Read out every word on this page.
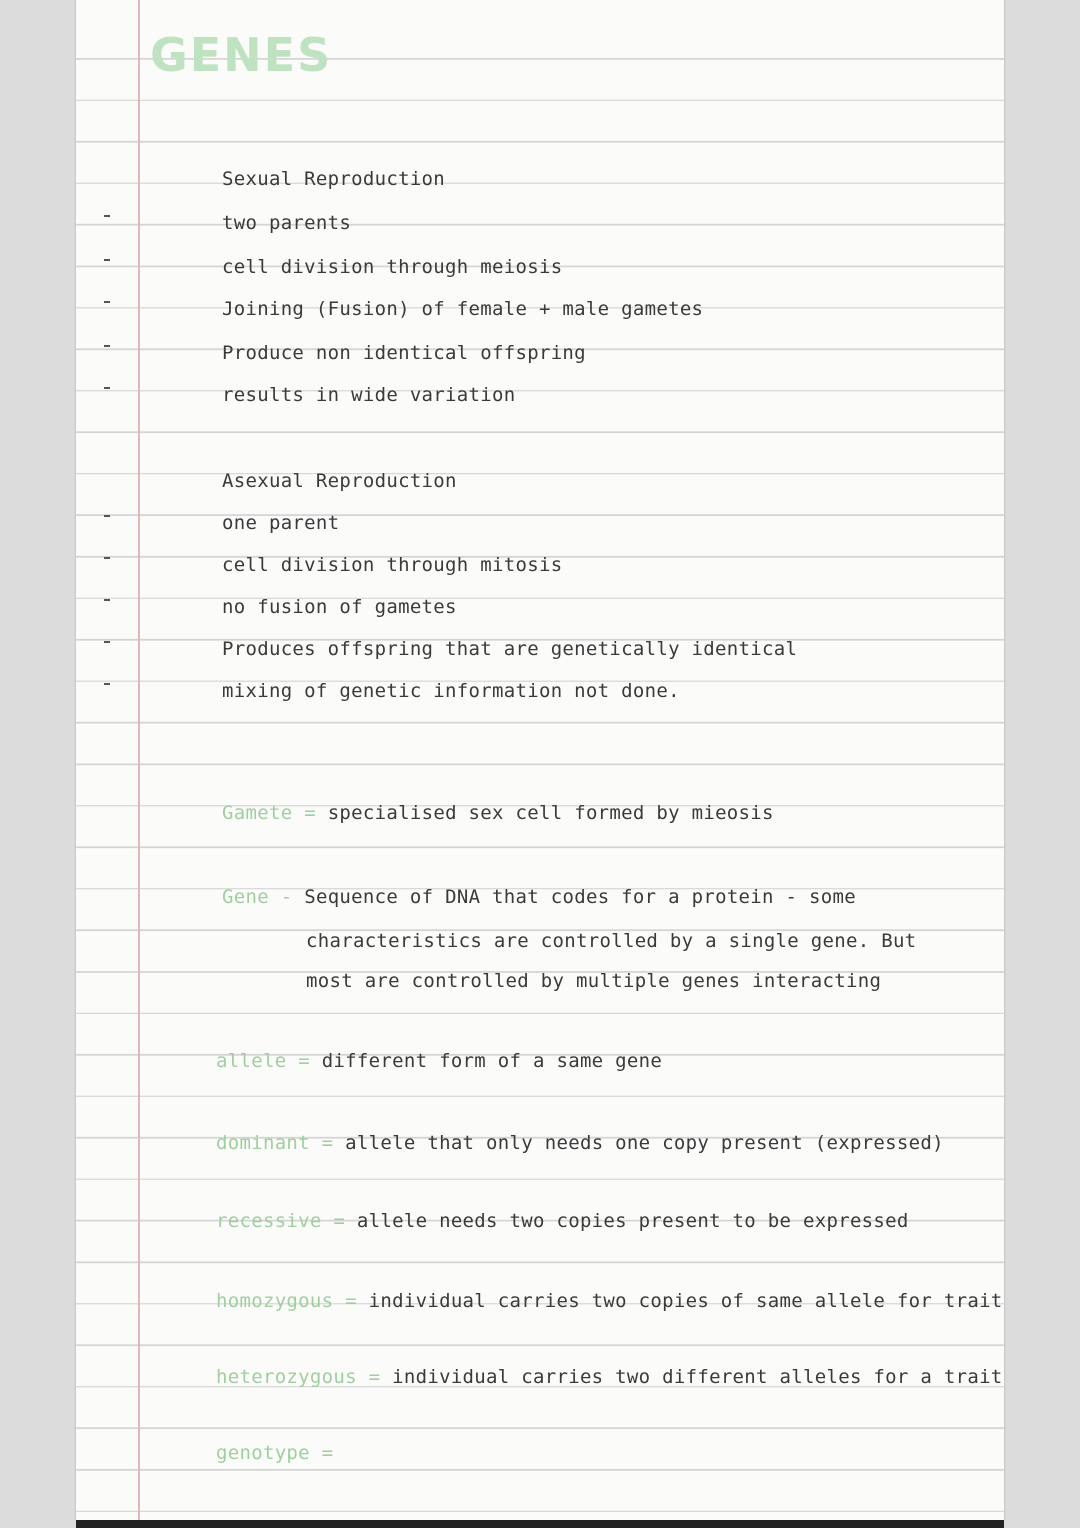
GENES

Sexual Reproduction

two parents

cell division through meiosis

Joining (Fusion) of female + male gametes

Produce non identical offspring

results in wide variation

Asexual Reproduction

one parent

cell division through mitosis

no fusion of gametes

Produces offspring that are genetically identical

mixing of genetic information not done.

Gamete = specialised sex cell formed by mieosis

Gene - Sequence of DNA that codes for a protein - some

characteristics are controlled by a single gene. But

most are controlled by multiple genes interacting

allele = different form of a same gene

dominant = allele that only needs one copy present (expressed)

recessive = allele needs two copies present to be expressed

homozygous = individual carries two copies of same allele for trait

heterozygous = individual carries two different alleles for a trait

genotype =
